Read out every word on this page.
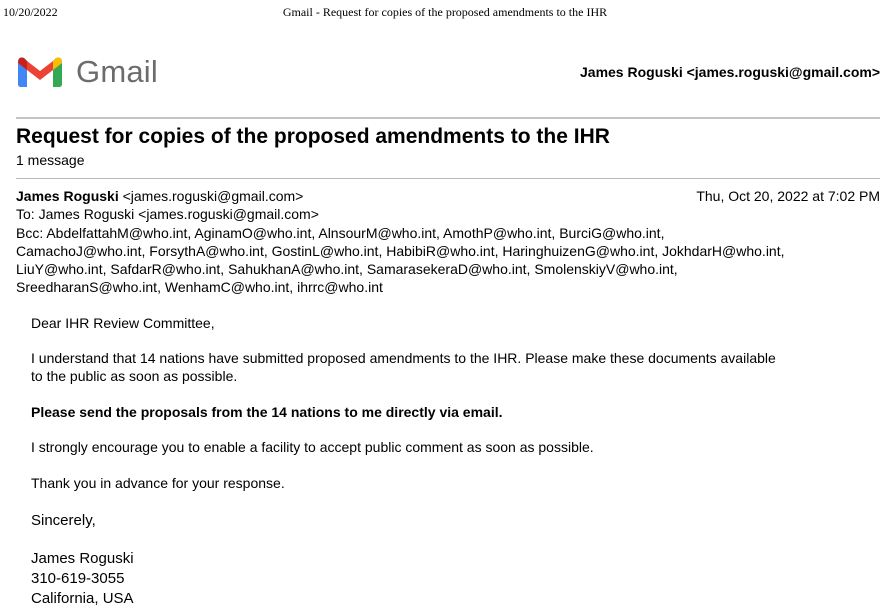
10/20/2022	Gmail - Request for copies of the proposed amendments to the IHR
Gmail	James Roguski <james.roguski@gmail.com>
Request for copies of the proposed amendments to the IHR
1 message
James Roguski <james.roguski@gmail.com>	Thu, Oct 20, 2022 at 7:02 PM
To: James Roguski <james.roguski@gmail.com>
Bcc: AbdelfattahM@who.int, AginamO@who.int, AlnsourM@who.int, AmothP@who.int, BurciG@who.int,
CamachoJ@who.int, ForsythA@who.int, GostinL@who.int, HabibiR@who.int, HaringhuizenG@who.int, JokhdarH@who.int,
LiuY@who.int, SafdarR@who.int, SahukhanA@who.int, SamarasekeraD@who.int, SmolenskiyV@who.int,
SreedharanS@who.int, WenhamC@who.int, ihrrc@who.int
Dear IHR Review Committee,
I understand that 14 nations have submitted proposed amendments to the IHR. Please make these documents available
to the public as soon as possible.
Please send the proposals from the 14 nations to me directly via email.
I strongly encourage you to enable a facility to accept public comment as soon as possible.
Thank you in advance for your response.
Sincerely,
James Roguski
310-619-3055
California, USA
